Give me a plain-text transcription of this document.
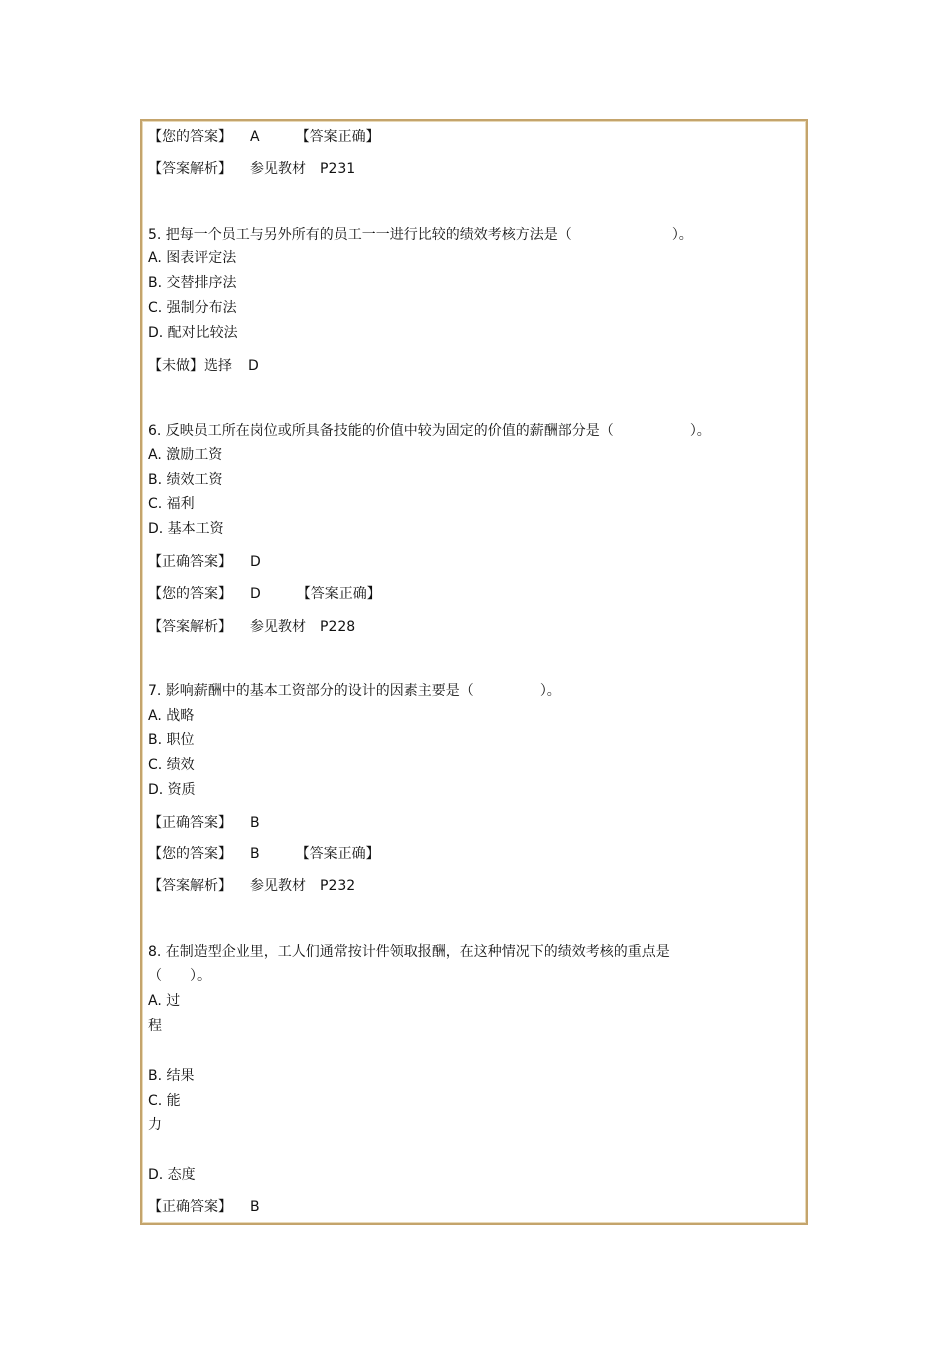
【您的答案】 A	【答案正确】
【答案解析】 参见教材 P231
5. 把每一个员工与另外所有的员工一一进行比较的绩效考核方法是（	）。
A. 图表评定法
B. 交替排序法
C. 强制分布法
D. 配对比较法
【未做】选择 D
6. 反映员工所在岗位或所具备技能的价值中较为固定的价值的薪酬部分是（	）。
A. 激励工资
B. 绩效工资
C. 福利
D. 基本工资
【正确答案】 D
【您的答案】 D	【答案正确】
【答案解析】 参见教材 P228
7. 影响薪酬中的基本工资部分的设计的因素主要是（	）。
A. 战略
B. 职位
C. 绩效
D. 资质
【正确答案】 B
【您的答案】 B	【答案正确】
【答案解析】 参见教材 P232
8. 在制造型企业里，工人们通常按计件领取报酬，在这种情况下的绩效考核的重点是
（　　）。
A. 过
程
B. 结果
C. 能
力
D. 态度
【正确答案】 B
